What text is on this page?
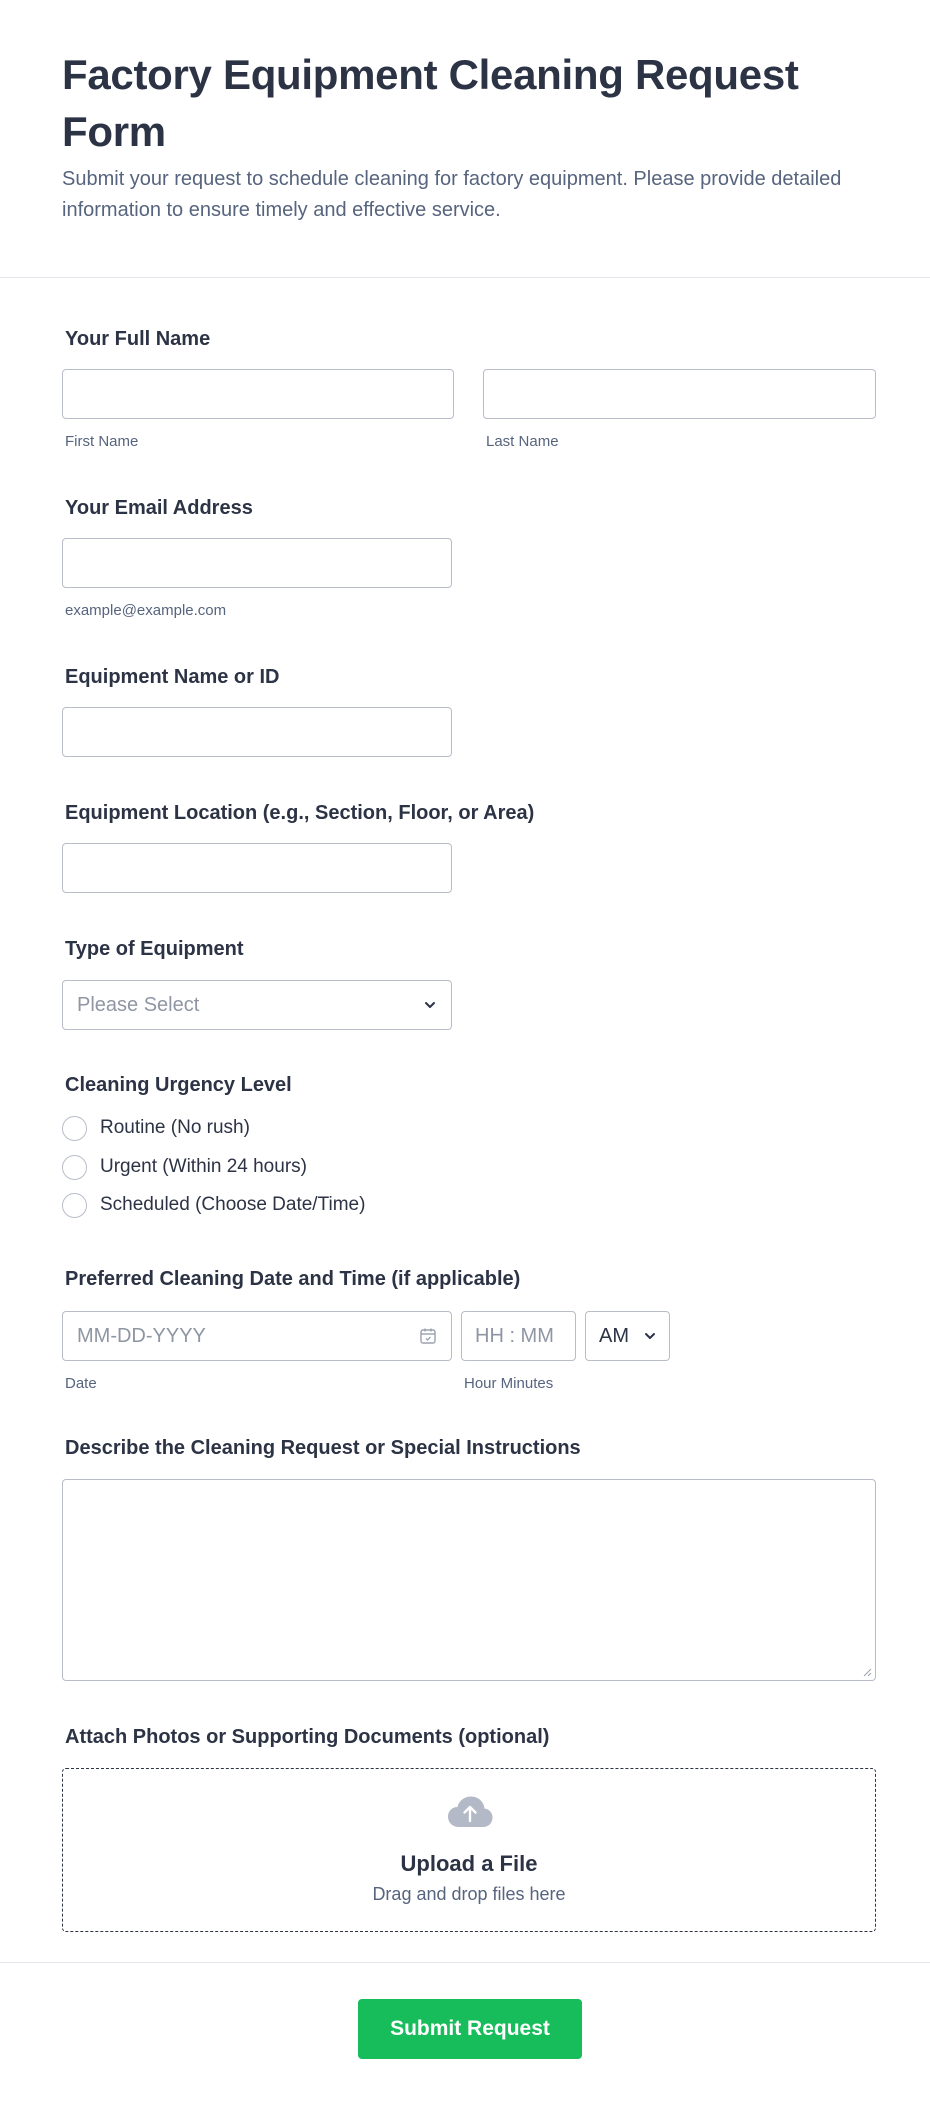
Factory Equipment Cleaning Request Form
Submit your request to schedule cleaning for factory equipment. Please provide detailed information to ensure timely and effective service.
Your Full Name
First Name	Last Name
Your Email Address
example@example.com
Equipment Name or ID
Equipment Location (e.g., Section, Floor, or Area)
Type of Equipment
Please Select
Cleaning Urgency Level
Routine (No rush)
Urgent (Within 24 hours)
Scheduled (Choose Date/Time)
Preferred Cleaning Date and Time (if applicable)
MM-DD-YYYY
Date
HH : MM
Hour Minutes
AM
Describe the Cleaning Request or Special Instructions
Attach Photos or Supporting Documents (optional)
Upload a File
Drag and drop files here
Submit Request
